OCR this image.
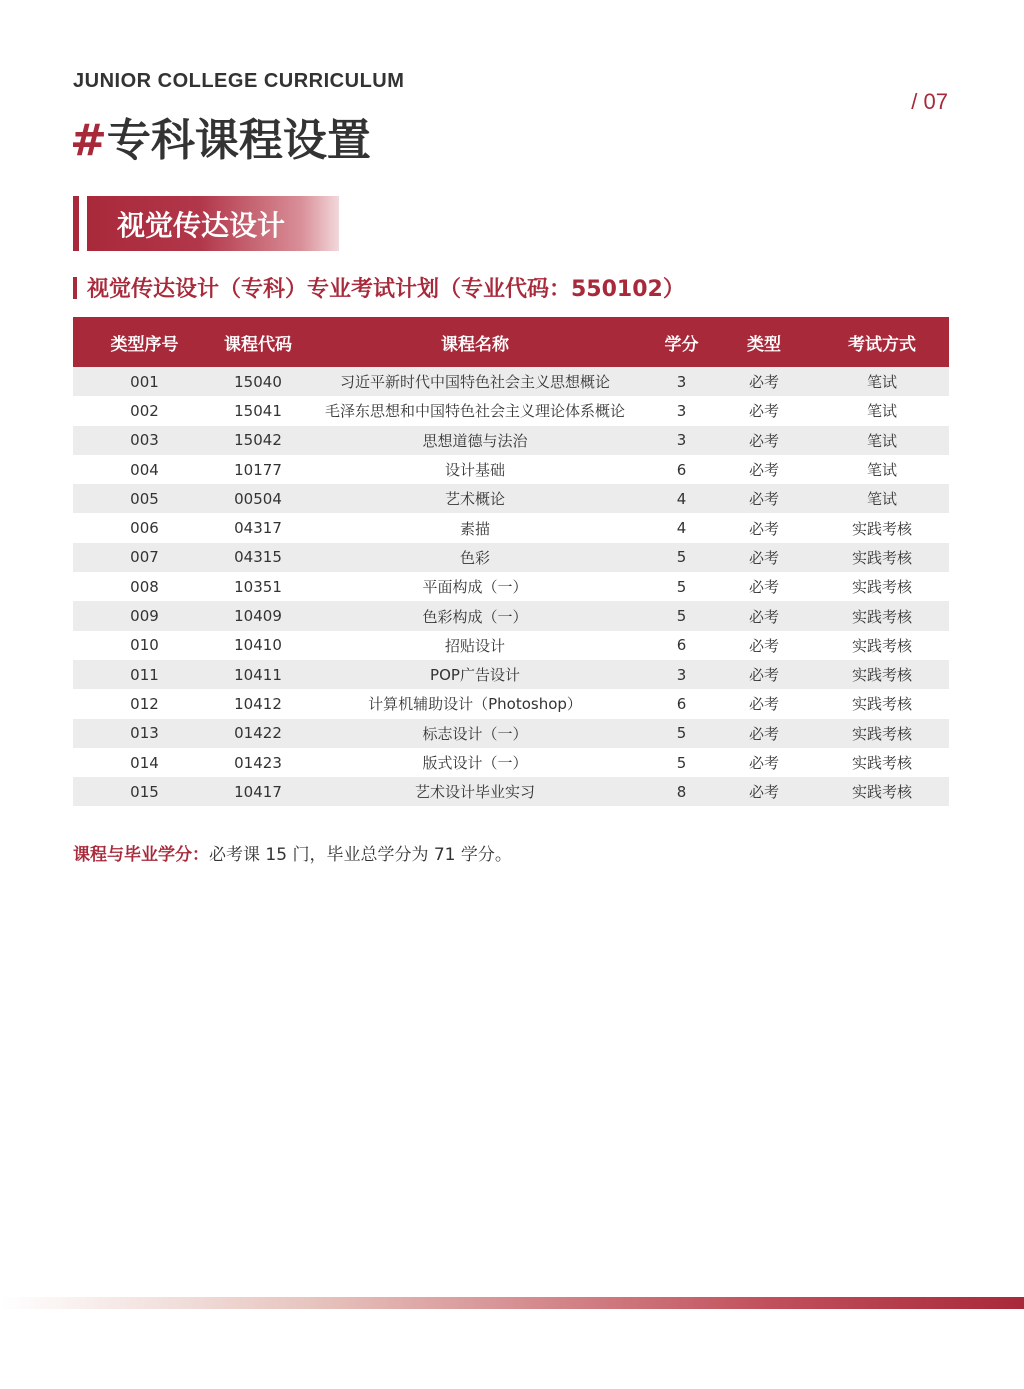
JUNIOR COLLEGE CURRICULUM
#专科课程设置
/ 07
视觉传达设计
视觉传达设计（专科）专业考试计划（专业代码：550102）
类型序号	课程代码	课程名称	学分	类型	考试方式
001	15040	习近平新时代中国特色社会主义思想概论	3	必考	笔试
002	15041	毛泽东思想和中国特色社会主义理论体系概论	3	必考	笔试
003	15042	思想道德与法治	3	必考	笔试
004	10177	设计基础	6	必考	笔试
005	00504	艺术概论	4	必考	笔试
006	04317	素描	4	必考	实践考核
007	04315	色彩	5	必考	实践考核
008	10351	平面构成（一）	5	必考	实践考核
009	10409	色彩构成（一）	5	必考	实践考核
010	10410	招贴设计	6	必考	实践考核
011	10411	POP广告设计	3	必考	实践考核
012	10412	计算机辅助设计（Photoshop）	6	必考	实践考核
013	01422	标志设计（一）	5	必考	实践考核
014	01423	版式设计（一）	5	必考	实践考核
015	10417	艺术设计毕业实习	8	必考	实践考核
课程与毕业学分：必考课 15 门，毕业总学分为 71 学分。
